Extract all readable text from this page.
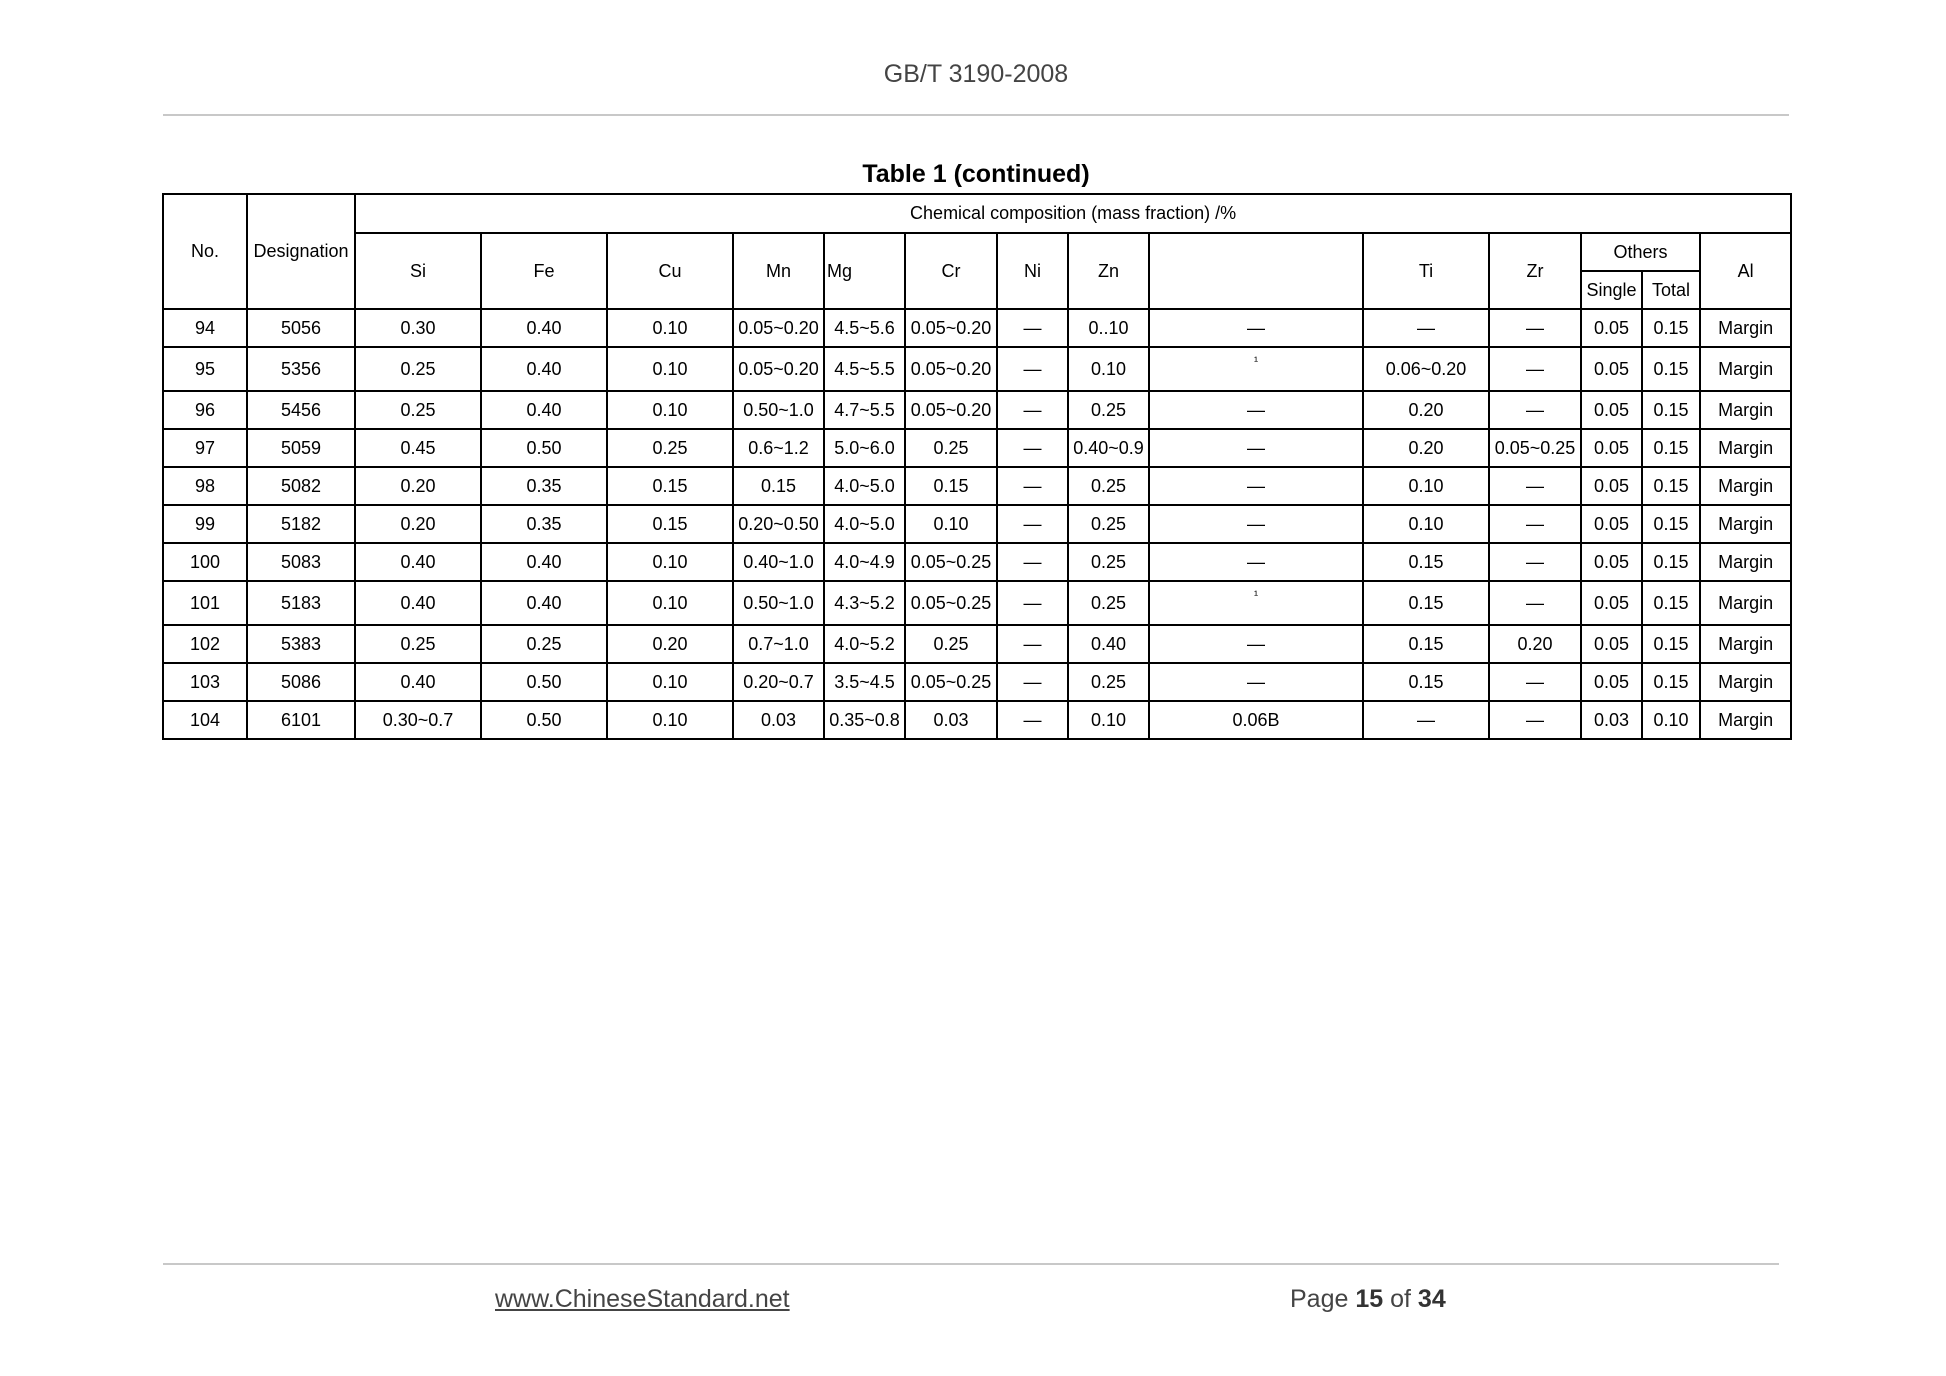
GB/T 3190-2008
Table 1 (continued)
No.	Designation	Chemical composition (mass fraction) /%													
		Si	Fe	Cu	Mn	Mg	Cr	Ni	Zn		Ti	Zr	Others		Al
													Single	Total	
94	5056	0.30	0.40	0.10	0.05~0.20	4.5~5.6	0.05~0.20	—	0..10	—	—	—	0.05	0.15	Margin
95	5356	0.25	0.40	0.10	0.05~0.20	4.5~5.5	0.05~0.20	—	0.10	¹	0.06~0.20	—	0.05	0.15	Margin
96	5456	0.25	0.40	0.10	0.50~1.0	4.7~5.5	0.05~0.20	—	0.25	—	0.20	—	0.05	0.15	Margin
97	5059	0.45	0.50	0.25	0.6~1.2	5.0~6.0	0.25	—	0.40~0.9	—	0.20	0.05~0.25	0.05	0.15	Margin
98	5082	0.20	0.35	0.15	0.15	4.0~5.0	0.15	—	0.25	—	0.10	—	0.05	0.15	Margin
99	5182	0.20	0.35	0.15	0.20~0.50	4.0~5.0	0.10	—	0.25	—	0.10	—	0.05	0.15	Margin
100	5083	0.40	0.40	0.10	0.40~1.0	4.0~4.9	0.05~0.25	—	0.25	—	0.15	—	0.05	0.15	Margin
101	5183	0.40	0.40	0.10	0.50~1.0	4.3~5.2	0.05~0.25	—	0.25	¹	0.15	—	0.05	0.15	Margin
102	5383	0.25	0.25	0.20	0.7~1.0	4.0~5.2	0.25	—	0.40	—	0.15	0.20	0.05	0.15	Margin
103	5086	0.40	0.50	0.10	0.20~0.7	3.5~4.5	0.05~0.25	—	0.25	—	0.15	—	0.05	0.15	Margin
104	6101	0.30~0.7	0.50	0.10	0.03	0.35~0.8	0.03	—	0.10	0.06B	—	—	0.03	0.10	Margin
www.ChineseStandard.net	Page 15 of 34
